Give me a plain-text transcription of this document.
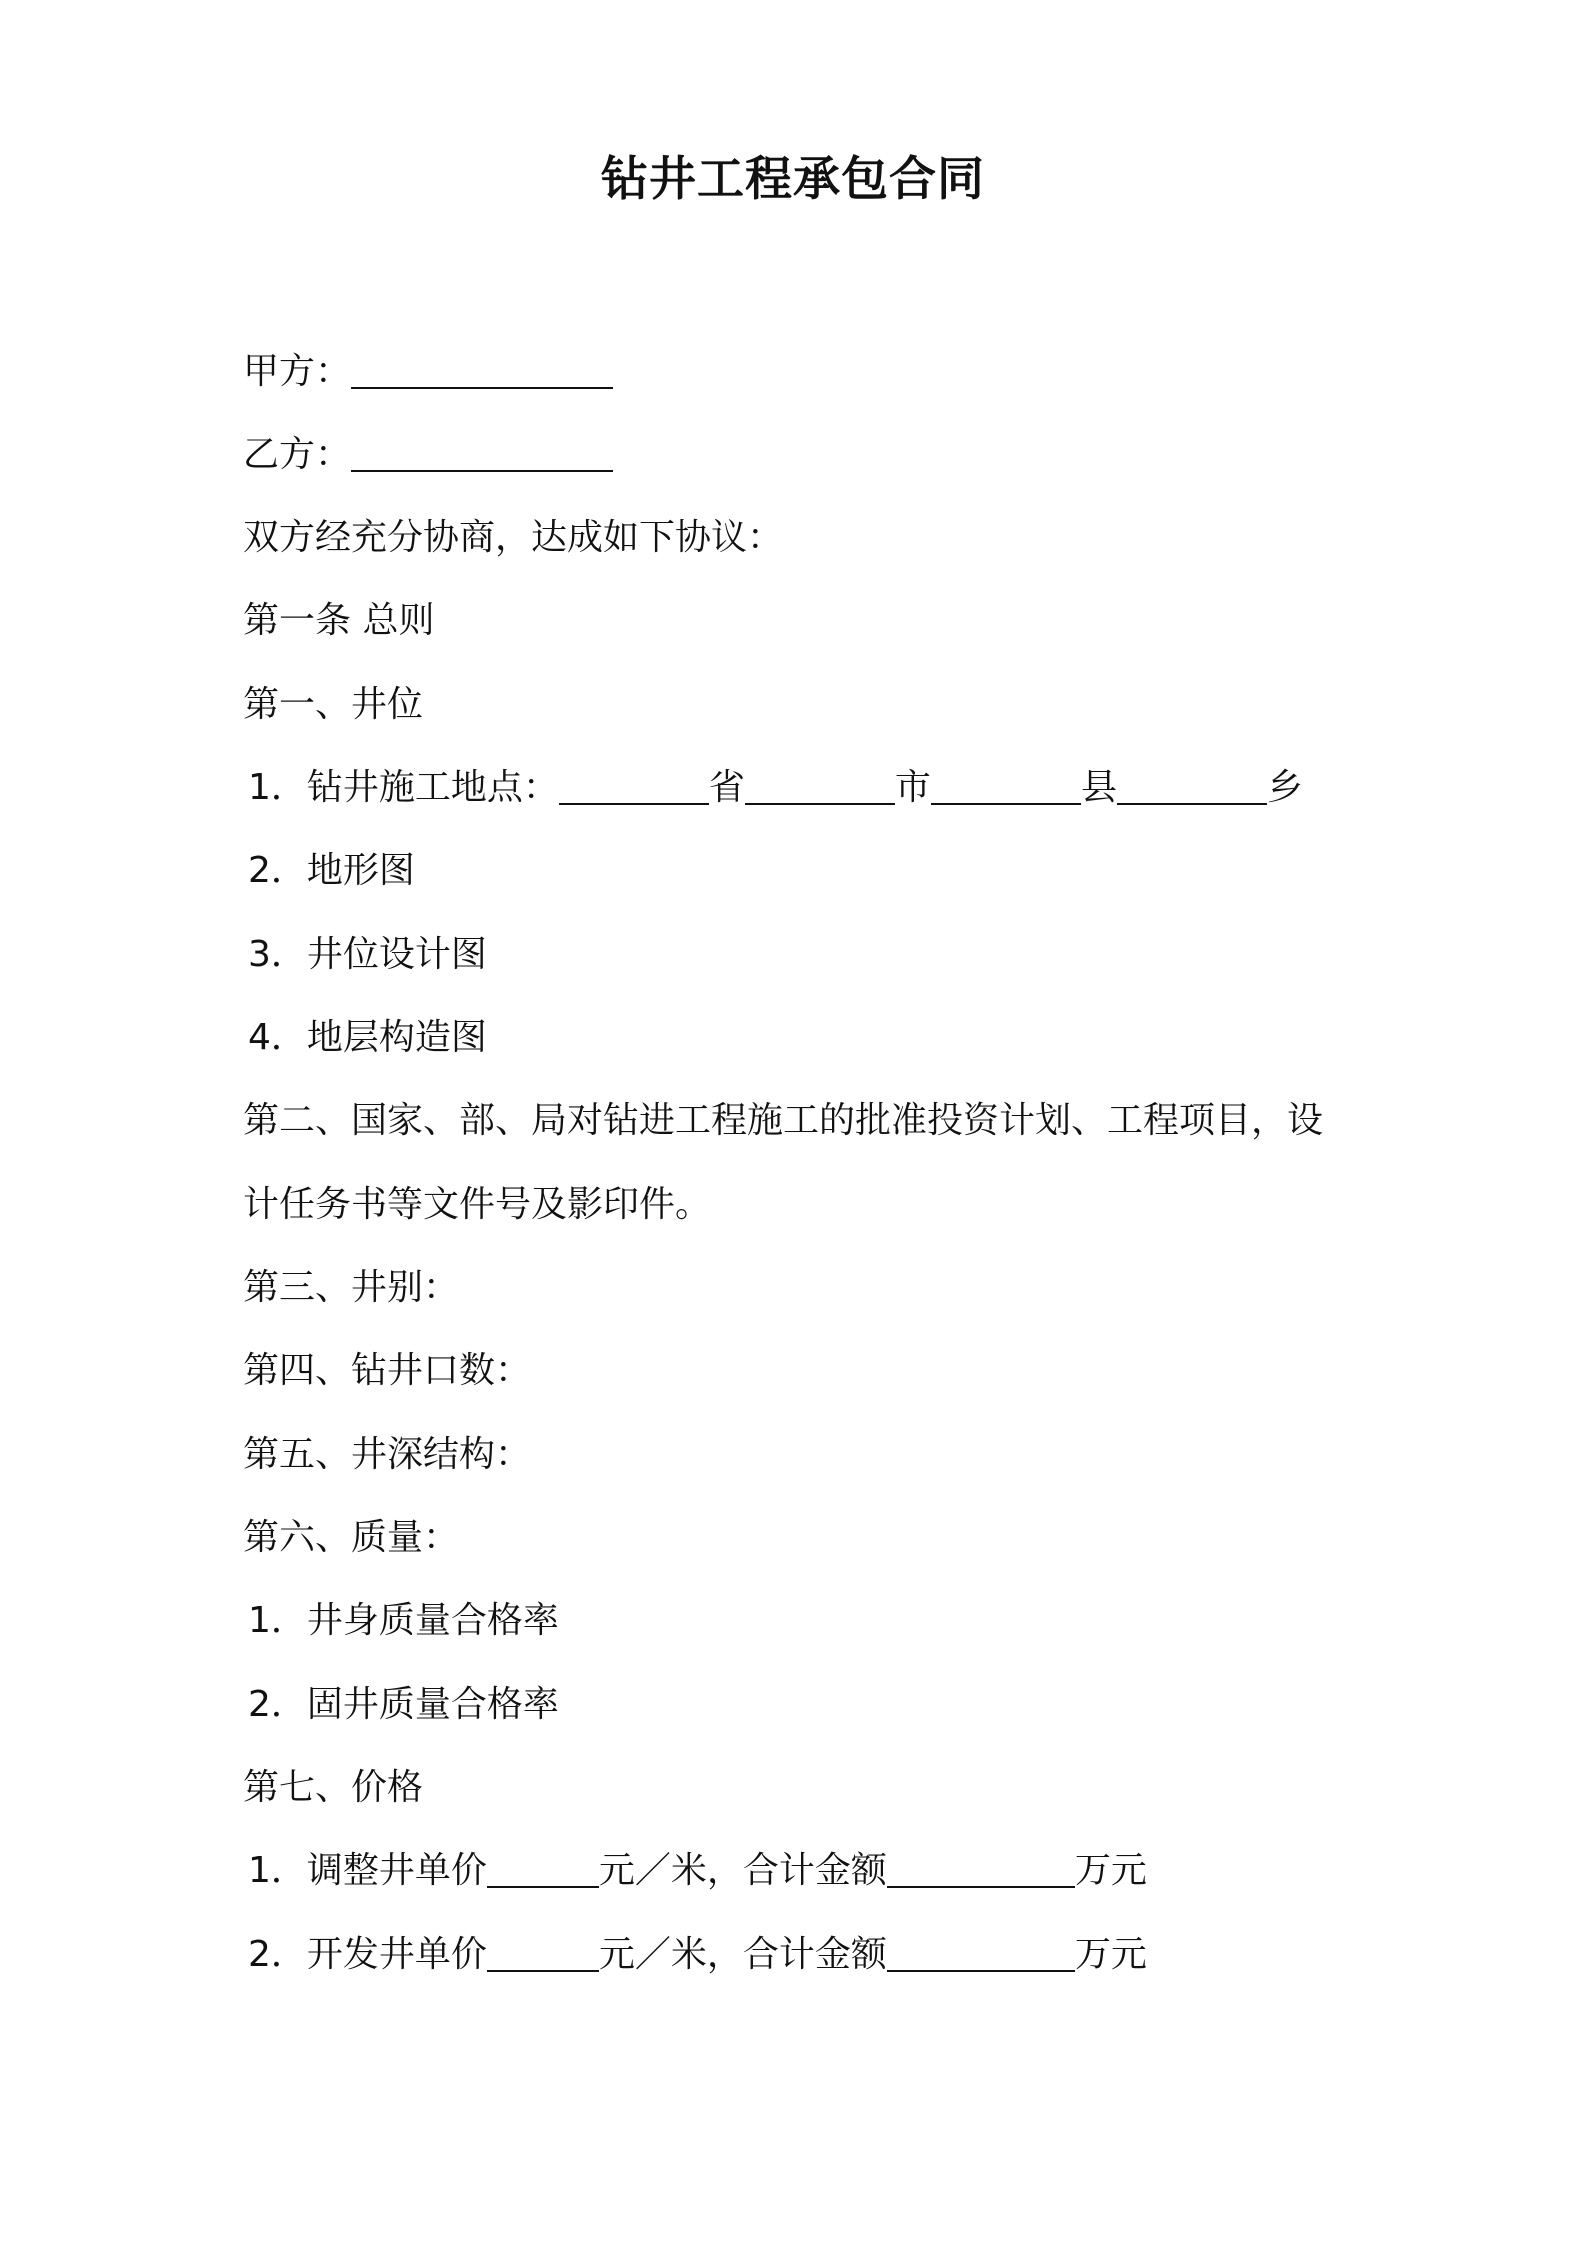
钻井工程承包合同
甲方：
乙方：
双方经充分协商，达成如下协议：
第一条 总则
第一、井位
1．钻井施工地点：	省	市	县	乡
2．地形图
3．井位设计图
4．地层构造图
第二、国家、部、局对钻进工程施工的批准投资计划、工程项目，设
计任务书等文件号及影印件。
第三、井别：
第四、钻井口数：
第五、井深结构：
第六、质量：
1．井身质量合格率
2．固井质量合格率
第七、价格
1．调整井单价	元／米，合计金额	万元
2．开发井单价	元／米，合计金额	万元
